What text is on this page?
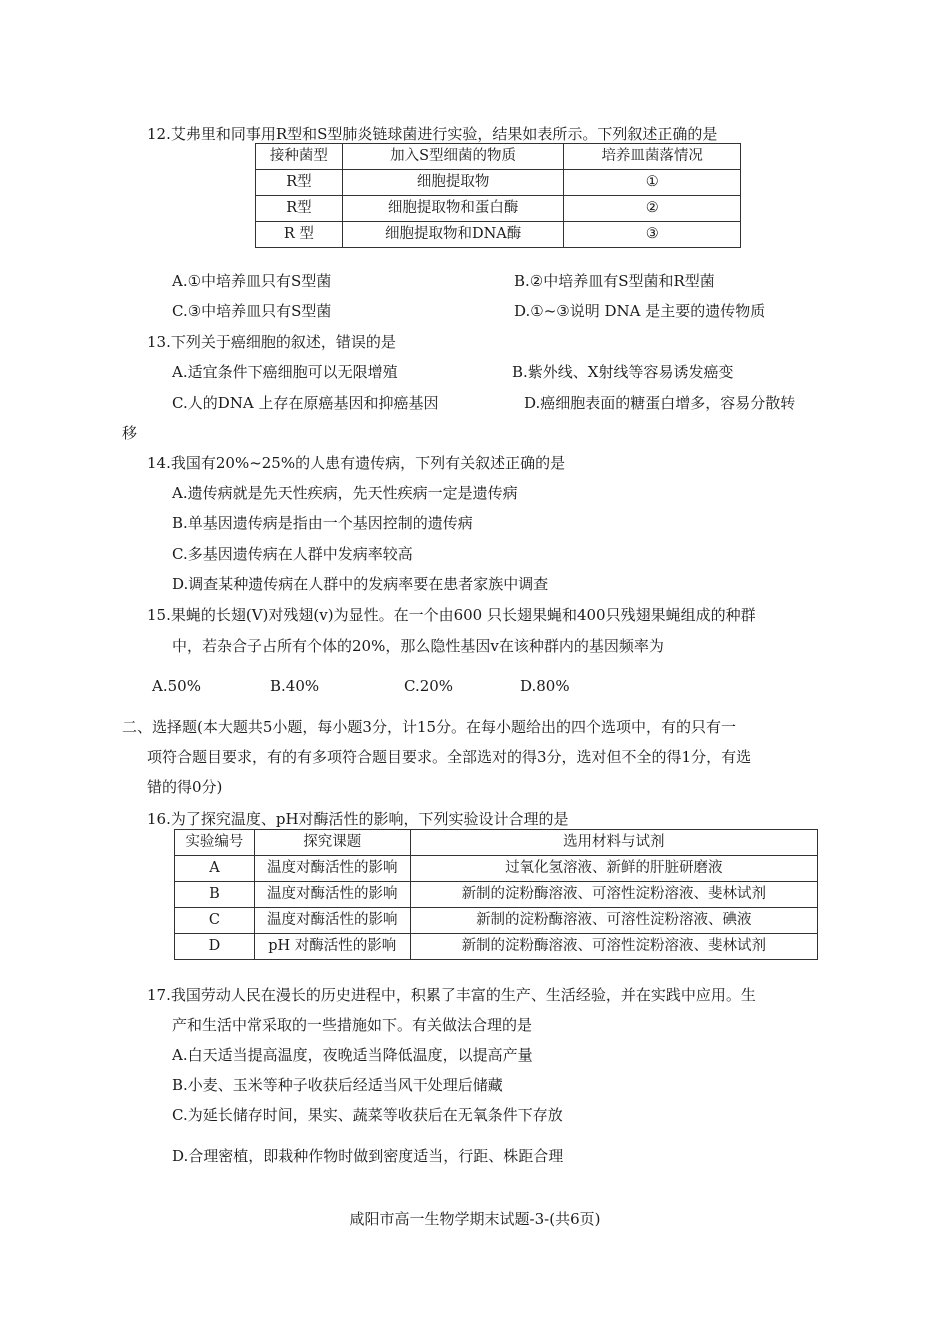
12.艾弗里和同事用R型和S型肺炎链球菌进行实验，结果如表所示。下列叙述正确的是
接种菌型	加入S型细菌的物质	培养皿菌落情况
R型	细胞提取物	①
R型	细胞提取物和蛋白酶	②
R 型	细胞提取物和DNA酶	③
A.①中培养皿只有S型菌	B.②中培养皿有S型菌和R型菌
C.③中培养皿只有S型菌	D.①~③说明 DNA 是主要的遗传物质
13.下列关于癌细胞的叙述，错误的是
A.适宜条件下癌细胞可以无限增殖	B.紫外线、X射线等容易诱发癌变
C.人的DNA 上存在原癌基因和抑癌基因	D.癌细胞表面的糖蛋白增多，容易分散转
移
14.我国有20%~25%的人患有遗传病，下列有关叙述正确的是
A.遗传病就是先天性疾病，先天性疾病一定是遗传病
B.单基因遗传病是指由一个基因控制的遗传病
C.多基因遗传病在人群中发病率较高
D.调查某种遗传病在人群中的发病率要在患者家族中调查
15.果蝇的长翅(V)对残翅(v)为显性。在一个由600 只长翅果蝇和400只残翅果蝇组成的种群
中，若杂合子占所有个体的20%，那么隐性基因v在该种群内的基因频率为
A.50%	B.40%	C.20%	D.80%
二、选择题(本大题共5小题，每小题3分，计15分。在每小题给出的四个选项中，有的只有一
项符合题目要求，有的有多项符合题目要求。全部选对的得3分，选对但不全的得1分，有选
错的得0分)
16.为了探究温度、pH对酶活性的影响，下列实验设计合理的是
实验编号	探究课题	选用材料与试剂
A	温度对酶活性的影响	过氧化氢溶液、新鲜的肝脏研磨液
B	温度对酶活性的影响	新制的淀粉酶溶液、可溶性淀粉溶液、斐林试剂
C	温度对酶活性的影响	新制的淀粉酶溶液、可溶性淀粉溶液、碘液
D	pH 对酶活性的影响	新制的淀粉酶溶液、可溶性淀粉溶液、斐林试剂
17.我国劳动人民在漫长的历史进程中，积累了丰富的生产、生活经验，并在实践中应用。生
产和生活中常采取的一些措施如下。有关做法合理的是
A.白天适当提高温度，夜晚适当降低温度，以提高产量
B.小麦、玉米等种子收获后经适当风干处理后储藏
C.为延长储存时间，果实、蔬菜等收获后在无氧条件下存放
D.合理密植，即栽种作物时做到密度适当，行距、株距合理
咸阳市高一生物学期末试题-3-(共6页)
